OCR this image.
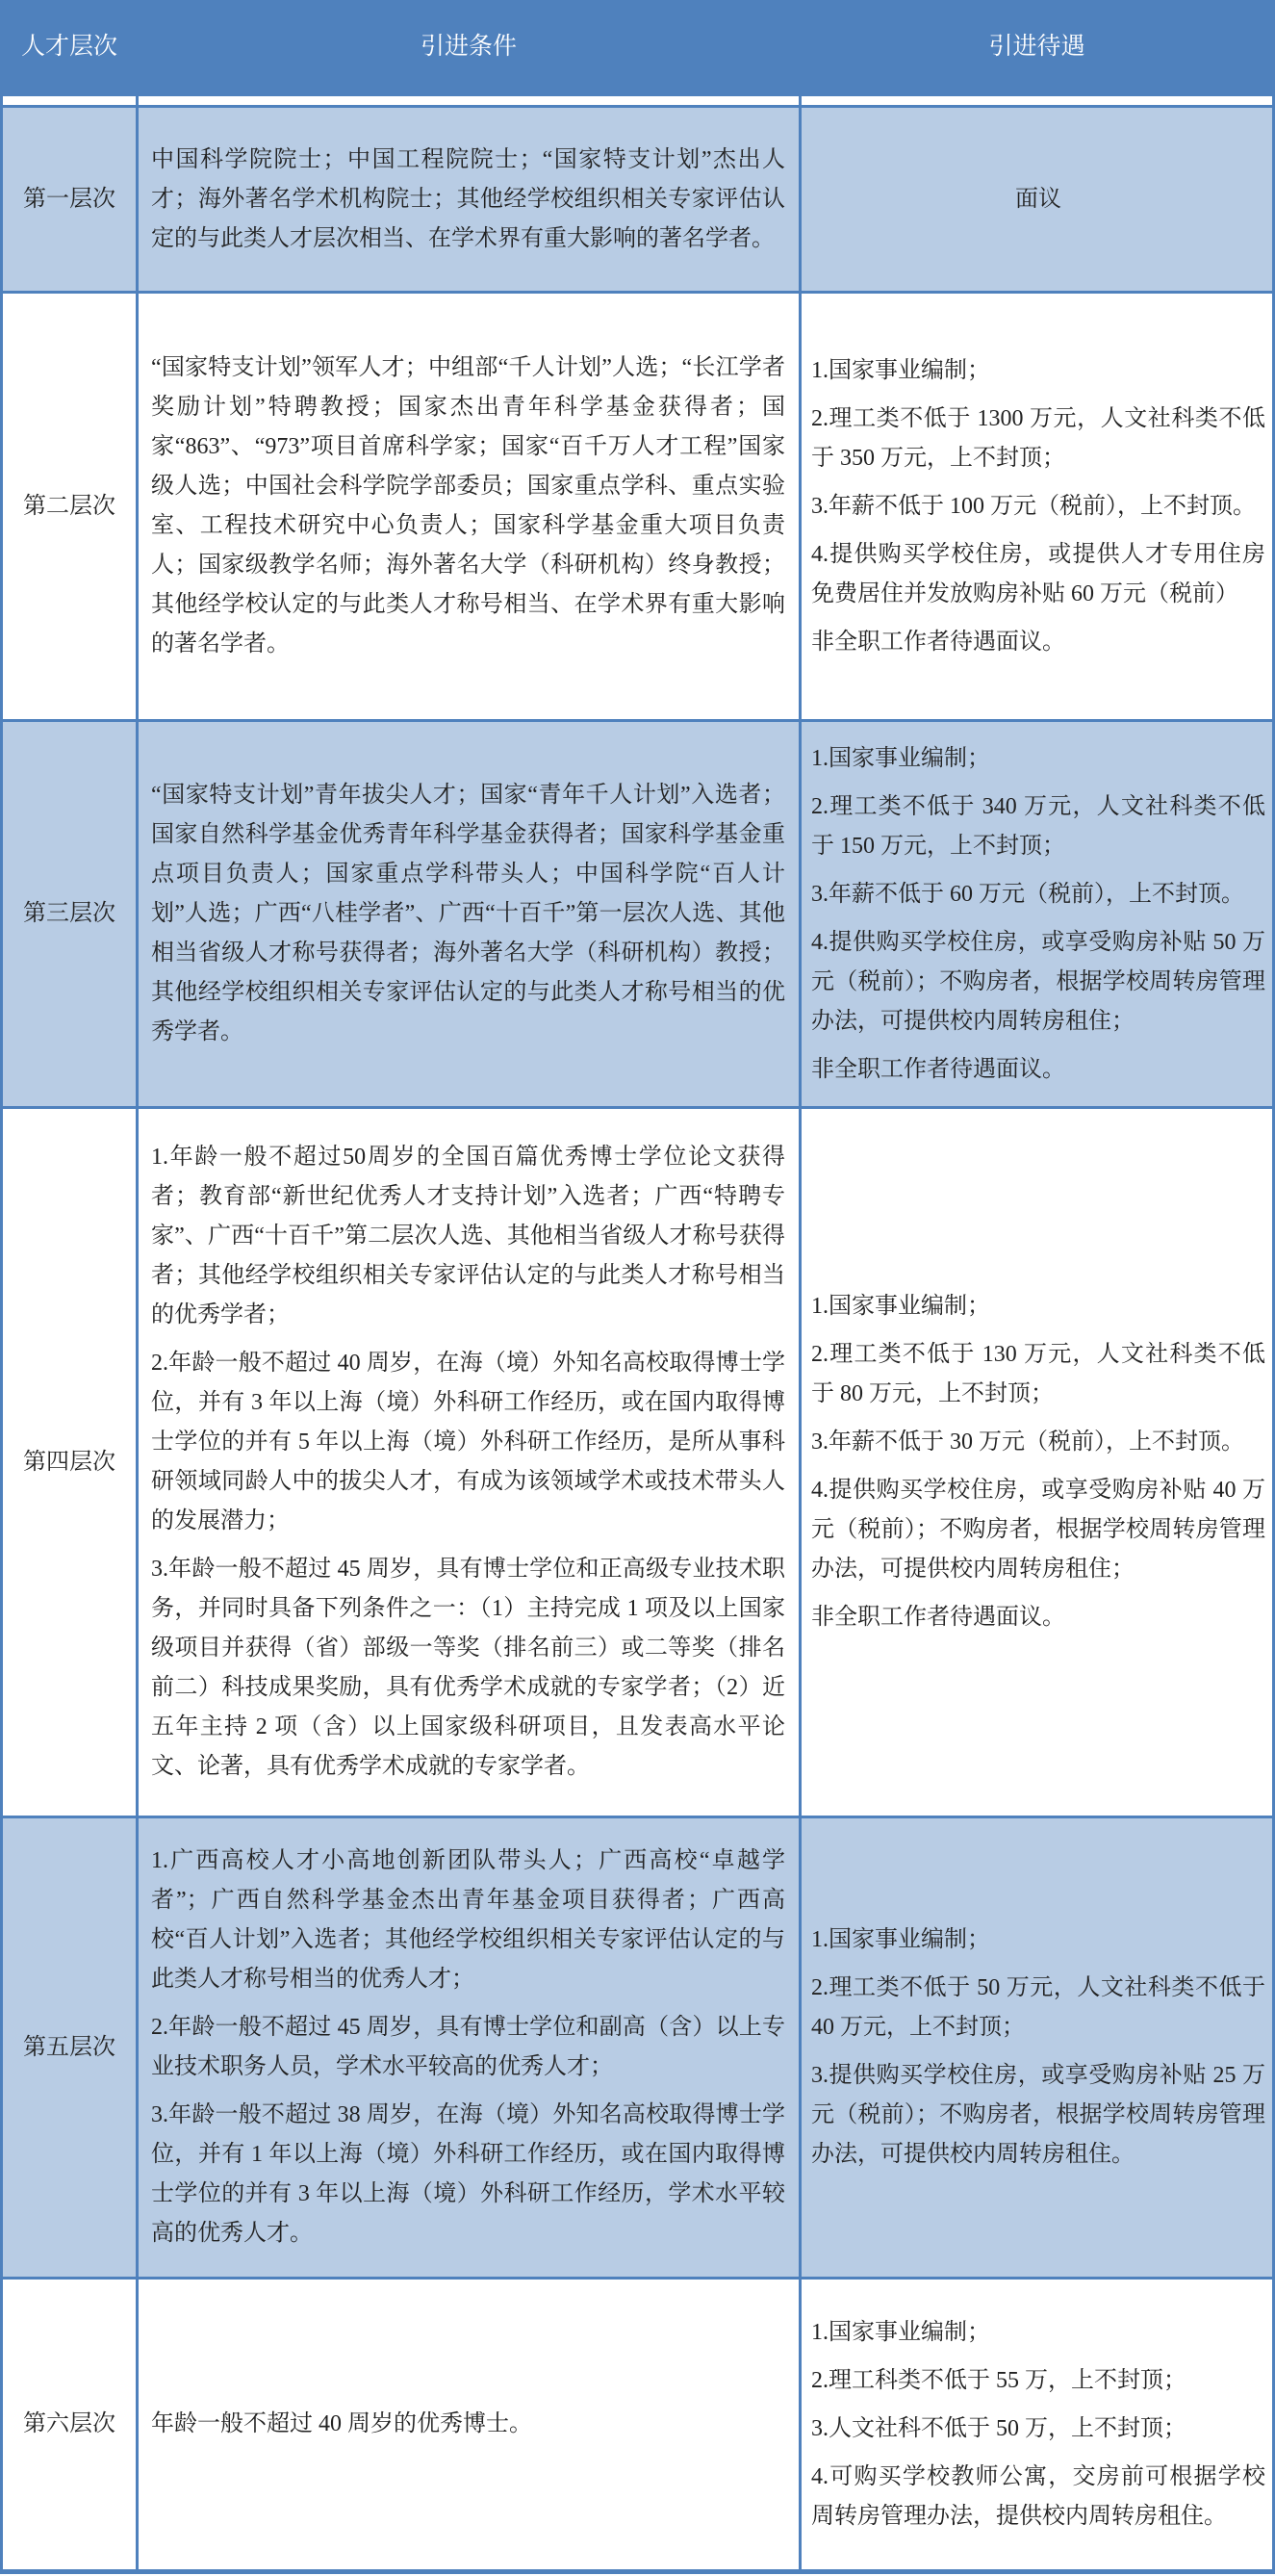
人才层次	引进条件	引进待遇
第一层次

中国科学院院士；中国工程院院士；“国家特支计划”杰出人才；海外著名学术机构院士；其他经学校组织相关专家评估认定的与此类人才层次相当、在学术界有重大影响的著名学者。

面议

第二层次

“国家特支计划”领军人才；中组部“千人计划”人选；“长江学者奖励计划”特聘教授；国家杰出青年科学基金获得者；国家“863”、“973”项目首席科学家；国家“百千万人才工程”国家级人选；中国社会科学院学部委员；国家重点学科、重点实验室、工程技术研究中心负责人；国家科学基金重大项目负责人；国家级教学名师；海外著名大学（科研机构）终身教授；其他经学校认定的与此类人才称号相当、在学术界有重大影响的著名学者。

1.国家事业编制；

2.理工类不低于 1300 万元，人文社科类不低于 350 万元，上不封顶；

3.年薪不低于 100 万元（税前），上不封顶。

4.提供购买学校住房，或提供人才专用住房免费居住并发放购房补贴 60 万元（税前）

非全职工作者待遇面议。

第三层次

“国家特支计划”青年拔尖人才；国家“青年千人计划”入选者；国家自然科学基金优秀青年科学基金获得者；国家科学基金重点项目负责人；国家重点学科带头人；中国科学院“百人计划”人选；广西“八桂学者”、广西“十百千”第一层次人选、其他相当省级人才称号获得者；海外著名大学（科研机构）教授；其他经学校组织相关专家评估认定的与此类人才称号相当的优秀学者。

1.国家事业编制；

2.理工类不低于 340 万元，人文社科类不低于 150 万元，上不封顶；

3.年薪不低于 60 万元（税前），上不封顶。

4.提供购买学校住房，或享受购房补贴 50 万元（税前）；不购房者，根据学校周转房管理办法，可提供校内周转房租住；

非全职工作者待遇面议。

第四层次

1.年龄一般不超过50周岁的全国百篇优秀博士学位论文获得者；教育部“新世纪优秀人才支持计划”入选者；广西“特聘专家”、广西“十百千”第二层次人选、其他相当省级人才称号获得者；其他经学校组织相关专家评估认定的与此类人才称号相当的优秀学者；

2.年龄一般不超过 40 周岁，在海（境）外知名高校取得博士学位，并有 3 年以上海（境）外科研工作经历，或在国内取得博士学位的并有 5 年以上海（境）外科研工作经历，是所从事科研领域同龄人中的拔尖人才，有成为该领域学术或技术带头人的发展潜力；

3.年龄一般不超过 45 周岁，具有博士学位和正高级专业技术职务，并同时具备下列条件之一：（1）主持完成 1 项及以上国家级项目并获得（省）部级一等奖（排名前三）或二等奖（排名前二）科技成果奖励，具有优秀学术成就的专家学者；（2）近五年主持 2 项（含）以上国家级科研项目，且发表高水平论文、论著，具有优秀学术成就的专家学者。

1.国家事业编制；

2.理工类不低于 130 万元，人文社科类不低于 80 万元，上不封顶；

3.年薪不低于 30 万元（税前），上不封顶。

4.提供购买学校住房，或享受购房补贴 40 万元（税前）；不购房者，根据学校周转房管理办法，可提供校内周转房租住；

非全职工作者待遇面议。

第五层次

1.广西高校人才小高地创新团队带头人；广西高校“卓越学者”；广西自然科学基金杰出青年基金项目获得者；广西高校“百人计划”入选者；其他经学校组织相关专家评估认定的与此类人才称号相当的优秀人才；

2.年龄一般不超过 45 周岁，具有博士学位和副高（含）以上专业技术职务人员，学术水平较高的优秀人才；

3.年龄一般不超过 38 周岁，在海（境）外知名高校取得博士学位，并有 1 年以上海（境）外科研工作经历，或在国内取得博士学位的并有 3 年以上海（境）外科研工作经历，学术水平较高的优秀人才。

1.国家事业编制；

2.理工类不低于 50 万元，人文社科类不低于 40 万元，上不封顶；

3.提供购买学校住房，或享受购房补贴 25 万元（税前）；不购房者，根据学校周转房管理办法，可提供校内周转房租住。

第六层次 年龄一般不超过 40 周岁的优秀博士。

1.国家事业编制；

2.理工科类不低于 55 万，上不封顶；

3.人文社科不低于 50 万，上不封顶；

4.可购买学校教师公寓，交房前可根据学校周转房管理办法，提供校内周转房租住。
